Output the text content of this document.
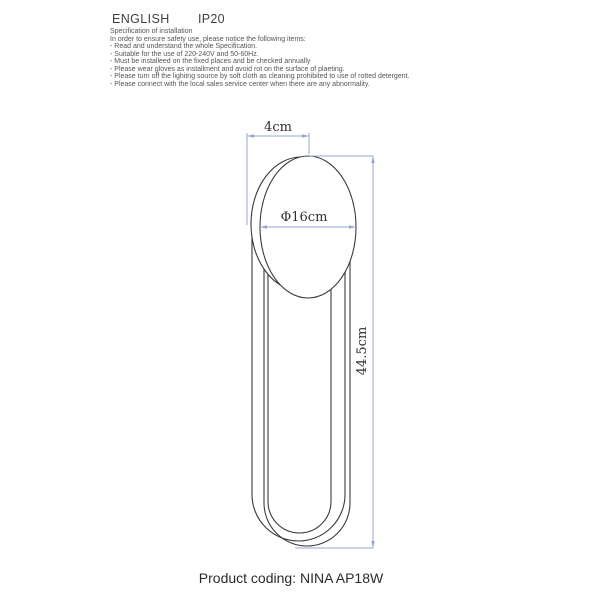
ENGLISH IP20
Specification of installation
In order to ensure safety use, please notice the following items:
- Read and understand the whole Specification.
- Suitable for the use of 220-240V and 50-60Hz.
- Must be installeed on the fixed places and be checked annually
- Please wear gloves as installment and avoid rot on the surface of plaeting.
- Please turn off the lighitng source by soft cloth as cleaning prohibited to use of rotted detergent.
- Please connect with the local sales service center when there are any abnormality.
4cm
Φ16cm
44.5cm
Product coding: NINA AP18W
